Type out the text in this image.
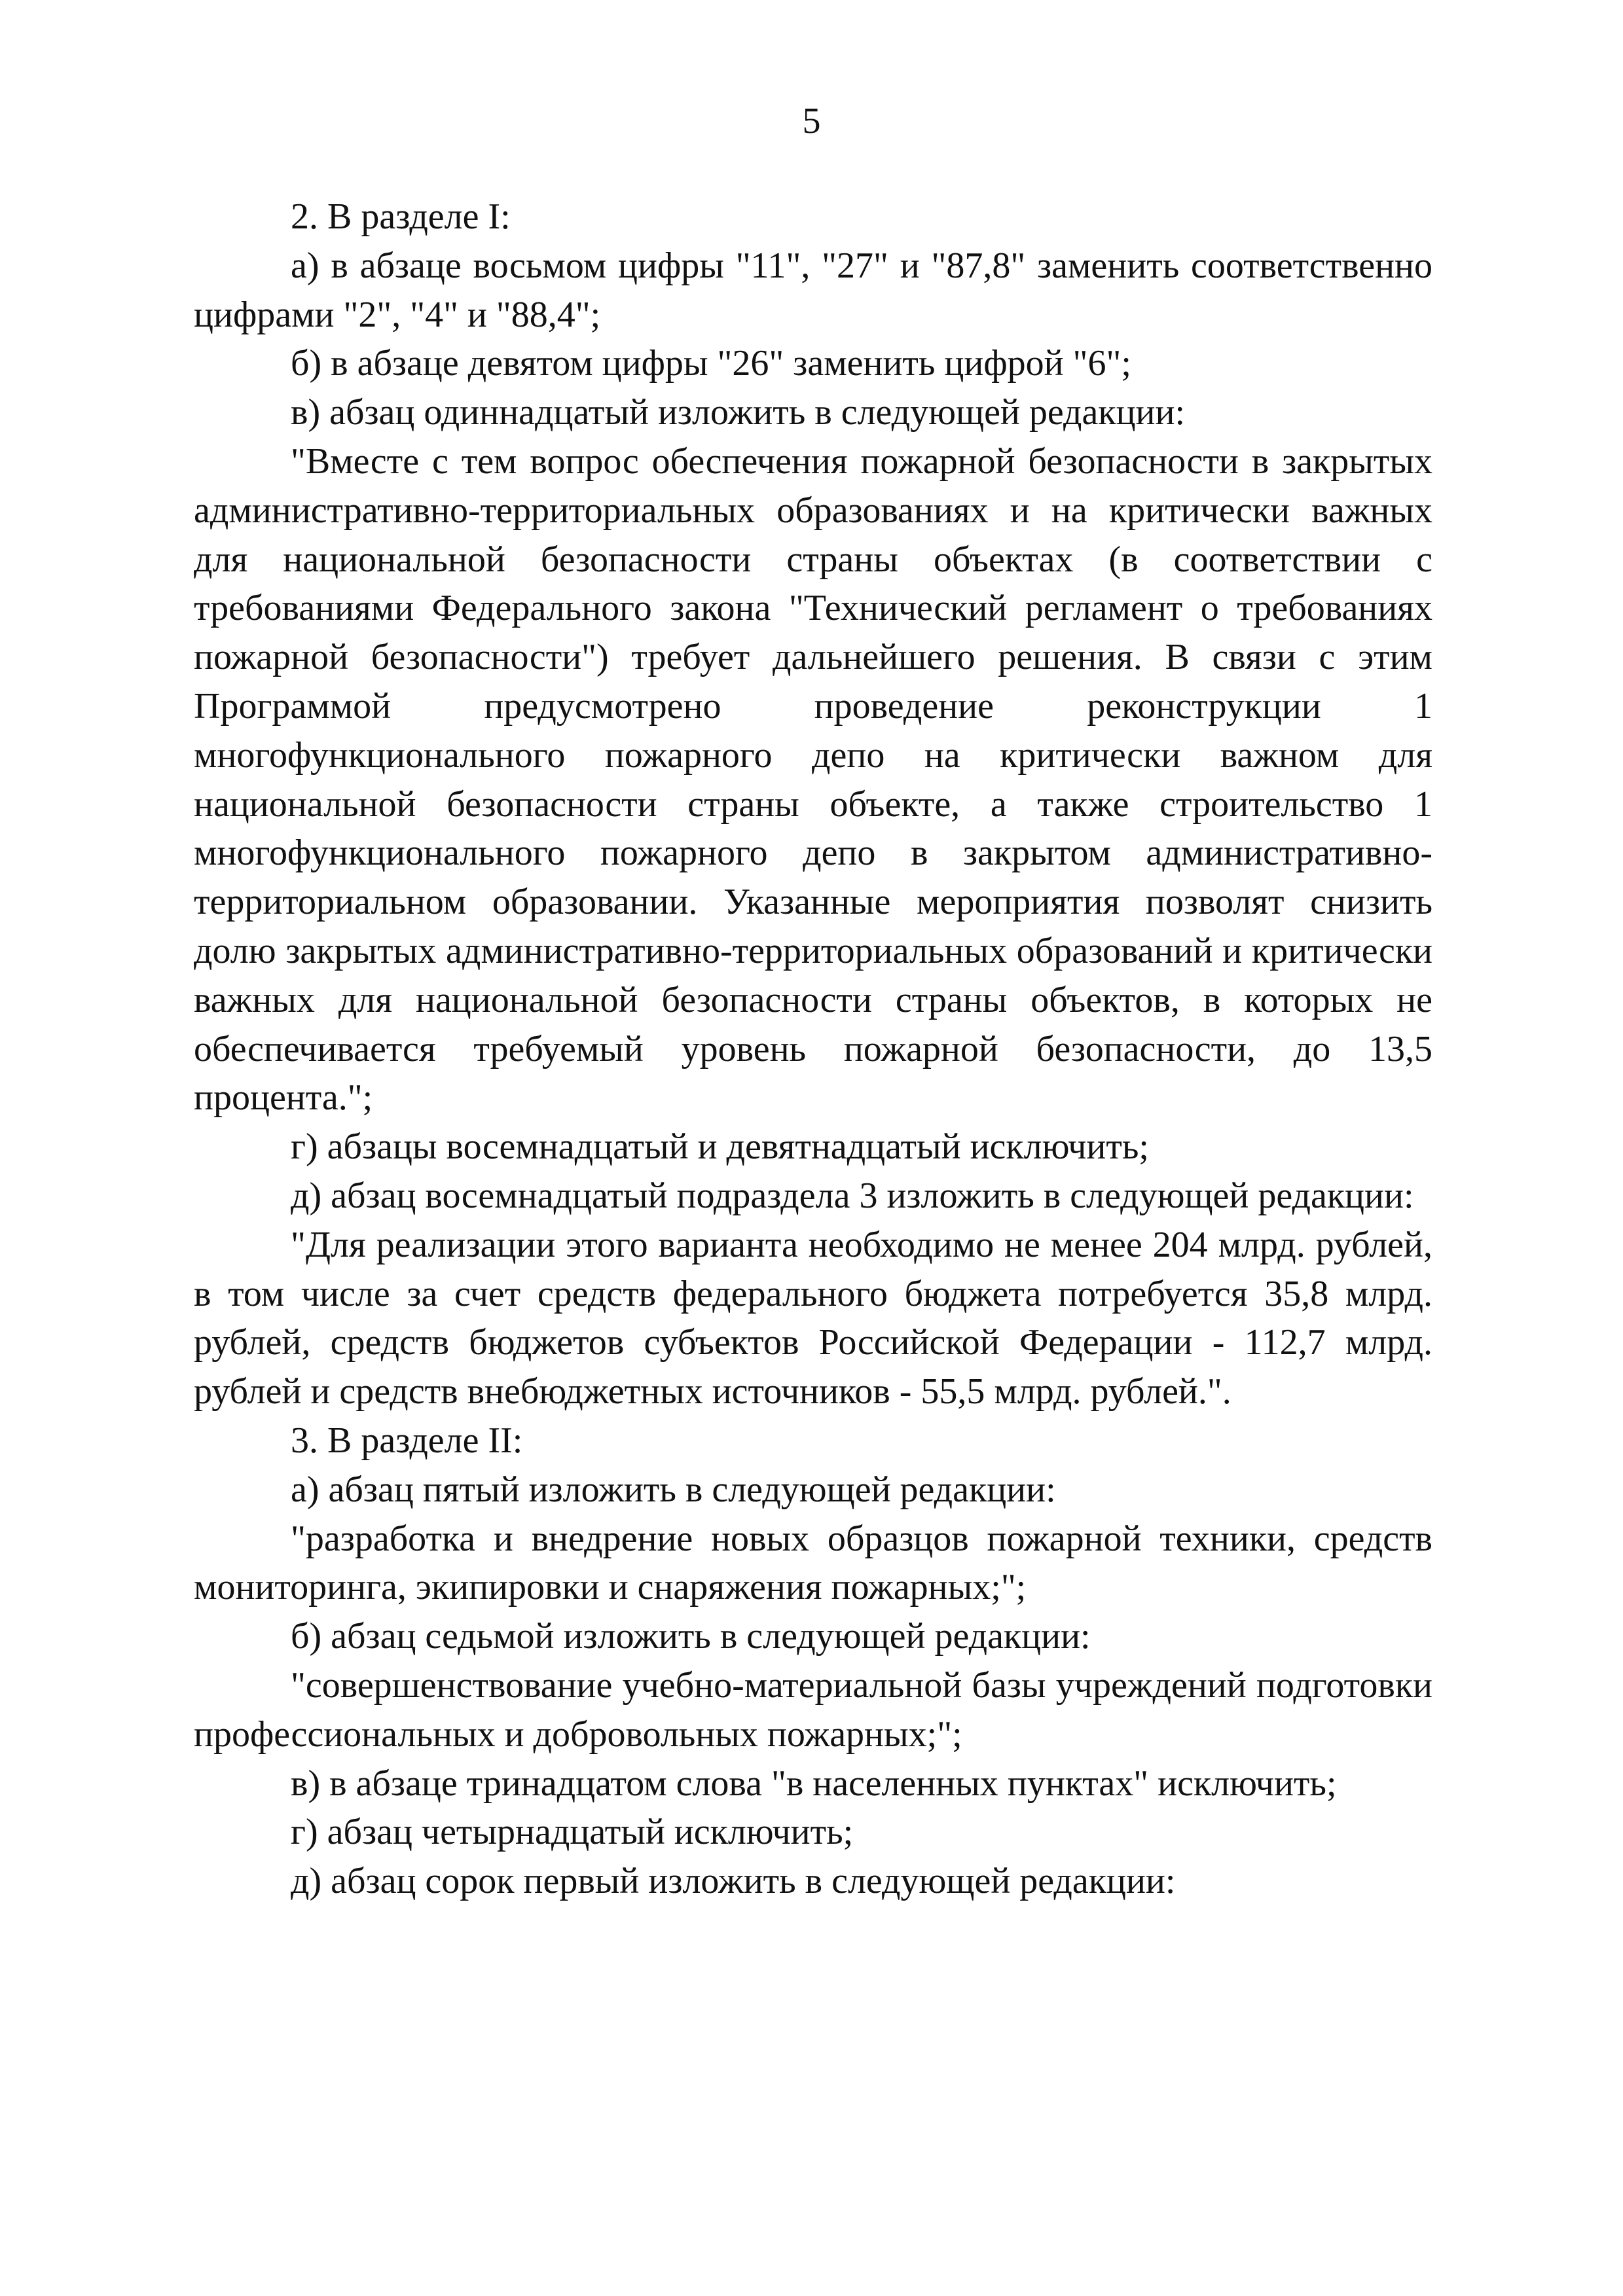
5

2. В разделе I:

а) в абзаце восьмом цифры "11", "27" и "87,8" заменить соответственно цифрами "2", "4" и "88,4";

б) в абзаце девятом цифры "26" заменить цифрой "6";

в) абзац одиннадцатый изложить в следующей редакции:

"Вместе с тем вопрос обеспечения пожарной безопасности в закрытых административно-территориальных образованиях и на критически важных для национальной безопасности страны объектах (в соответствии с требованиями Федерального закона "Технический регламент о требованиях пожарной безопасности") требует дальнейшего решения. В связи с этим Программой предусмотрено проведение реконструкции 1 многофункционального пожарного депо на критически важном для национальной безопасности страны объекте, а также строительство 1 многофункционального пожарного депо в закрытом административно-территориальном образовании. Указанные мероприятия позволят снизить долю закрытых административно-территориальных образований и критически важных для национальной безопасности страны объектов, в которых не обеспечивается требуемый уровень пожарной безопасности, до 13,5 процента.";

г) абзацы восемнадцатый и девятнадцатый исключить;

д) абзац восемнадцатый подраздела 3 изложить в следующей редакции:

"Для реализации этого варианта необходимо не менее 204 млрд. рублей, в том числе за счет средств федерального бюджета потребуется 35,8 млрд. рублей, средств бюджетов субъектов Российской Федерации - 112,7 млрд. рублей и средств внебюджетных источников - 55,5 млрд. рублей.".

3. В разделе II:

а) абзац пятый изложить в следующей редакции:

"разработка и внедрение новых образцов пожарной техники, средств мониторинга, экипировки и снаряжения пожарных;";

б) абзац седьмой изложить в следующей редакции:

"совершенствование учебно-материальной базы учреждений подготовки профессиональных и добровольных пожарных;";

в) в абзаце тринадцатом слова "в населенных пунктах" исключить;

г) абзац четырнадцатый исключить;

д) абзац сорок первый изложить в следующей редакции:
